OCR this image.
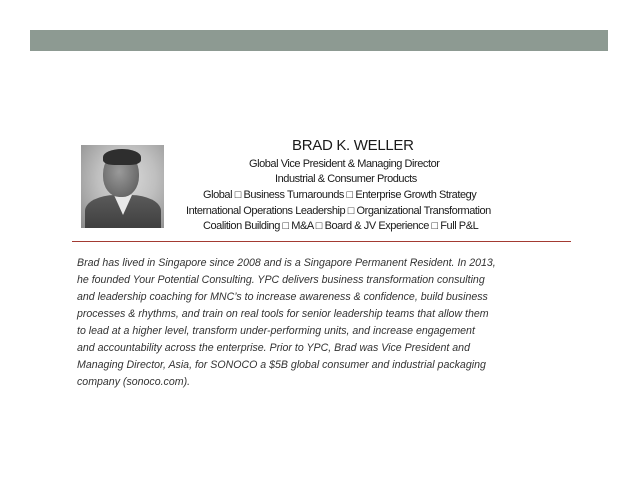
BRAD K. WELLER
Global Vice President & Managing Director
Industrial & Consumer Products
Global □ Business Turnarounds □ Enterprise Growth Strategy
International Operations Leadership □ Organizational Transformation
Coalition Building □ M&A □ Board & JV Experience □ Full P&L
Brad has lived in Singapore since 2008 and is a Singapore Permanent Resident. In 2013,
he founded Your Potential Consulting. YPC delivers business transformation consulting
and leadership coaching for MNC’s to increase awareness & confidence, build business
processes & rhythms, and train on real tools for senior leadership teams that allow them
to lead at a higher level, transform under-performing units, and increase engagement
and accountability across the enterprise. Prior to YPC, Brad was Vice President and
Managing Director, Asia, for SONOCO a $5B global consumer and industrial packaging
company (sonoco.com).
